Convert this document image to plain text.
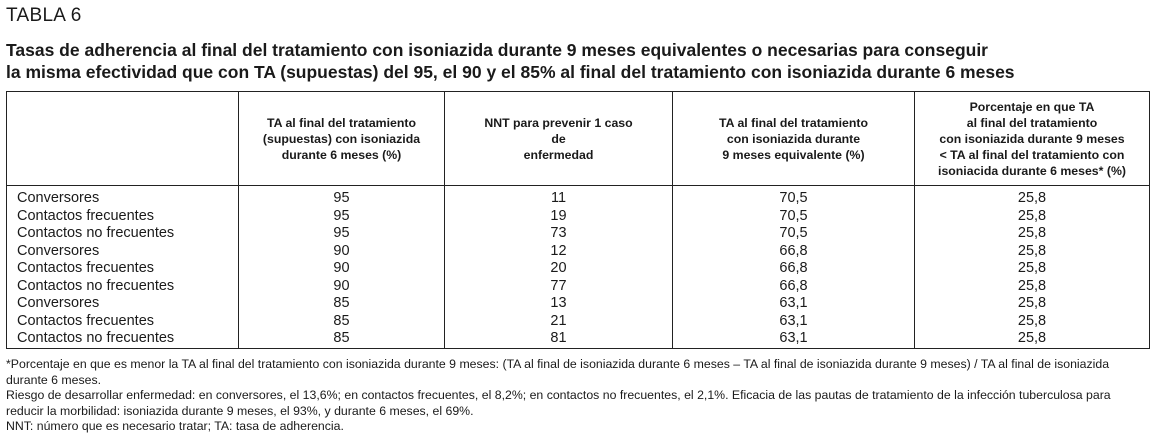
TABLA 6
Tasas de adherencia al final del tratamiento con isoniazida durante 9 meses equivalentes o necesarias para conseguir
la misma efectividad que con TA (supuestas) del 95, el 90 y el 85% al final del tratamiento con isoniazida durante 6 meses
	TA al final del tratamiento
(supuestas) con isoniazida
durante 6 meses (%)	NNT para prevenir 1 caso
de
enfermedad	TA al final del tratamiento
con isoniazida durante
9 meses equivalente (%)	Porcentaje en que TA
al final del tratamiento
con isoniazida durante 9 meses
< TA al final del tratamiento con
isoniacida durante 6 meses* (%)
Conversores	95	11	70,5	25,8
Contactos frecuentes	95	19	70,5	25,8
Contactos no frecuentes	95	73	70,5	25,8
Conversores	90	12	66,8	25,8
Contactos frecuentes	90	20	66,8	25,8
Contactos no frecuentes	90	77	66,8	25,8
Conversores	85	13	63,1	25,8
Contactos frecuentes	85	21	63,1	25,8
Contactos no frecuentes	85	81	63,1	25,8

*Porcentaje en que es menor la TA al final del tratamiento con isoniazida durante 9 meses: (TA al final de isoniazida durante 6 meses – TA al final de isoniazida durante 9 meses) / TA al final de isoniazida durante 6 meses.

Riesgo de desarrollar enfermedad: en conversores, el 13,6%; en contactos frecuentes, el 8,2%; en contactos no frecuentes, el 2,1%. Eficacia de las pautas de tratamiento de la infección tuberculosa para reducir la morbilidad: isoniazida durante 9 meses, el 93%, y durante 6 meses, el 69%.

NNT: número que es necesario tratar; TA: tasa de adherencia.
